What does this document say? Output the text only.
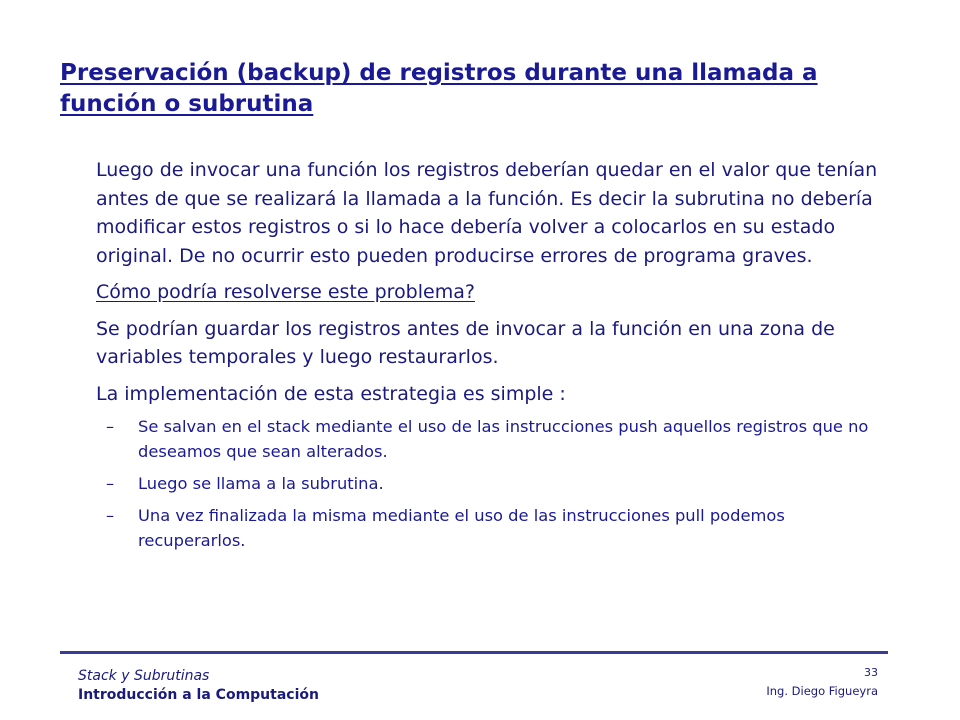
Preservación (backup) de registros durante una llamada a función o subrutina

Luego de invocar una función los registros deberían quedar en el valor que tenían antes de que se realizará la llamada a la función. Es decir la subrutina no debería modificar estos registros o si lo hace debería volver a colocarlos en su estado original. De no ocurrir esto pueden producirse errores de programa graves.

Cómo podría resolverse este problema?

Se podrían guardar los registros antes de invocar a la función en una zona de variables temporales y luego restaurarlos.

La implementación de esta estrategia es simple :

– Se salvan en el stack mediante el uso de las instrucciones push aquellos registros que no deseamos que sean alterados.
– Luego se llama a la subrutina.
– Una vez finalizada la misma mediante el uso de las instrucciones pull podemos recuperarlos.
Stack y Subrutinas
Introducción a la Computación
33
Ing. Diego Figueyra
